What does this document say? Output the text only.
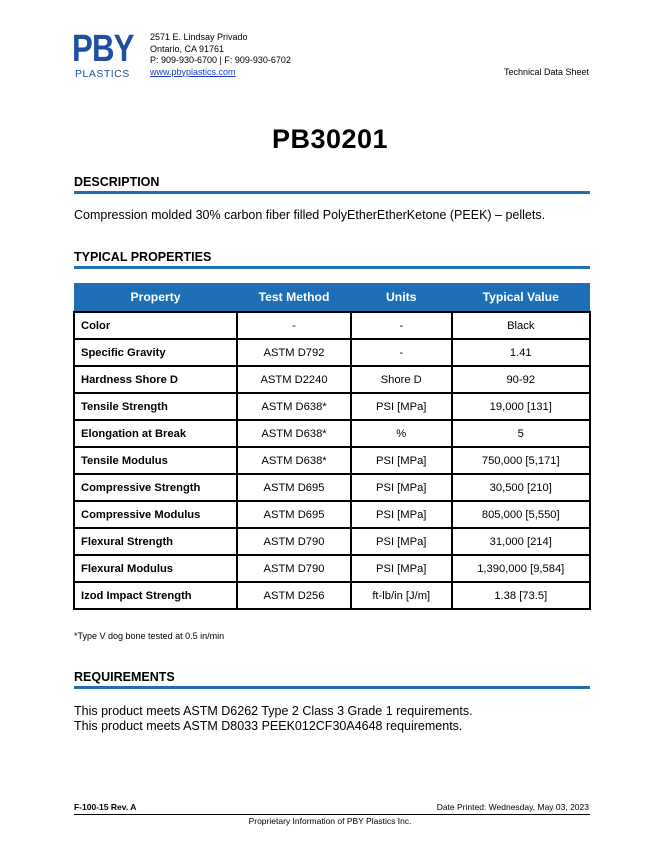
PBY
PLASTICS
2571 E. Lindsay Privado
Ontario, CA 91761
P: 909-930-6700 | F: 909-930-6702
www.pbyplastics.com	Technical Data Sheet
PB30201
DESCRIPTION
Compression molded 30% carbon fiber filled PolyEtherEtherKetone (PEEK) – pellets.
TYPICAL PROPERTIES
Property	Test Method	Units	Typical Value
Color	-	-	Black
Specific Gravity	ASTM D792	-	1.41
Hardness Shore D	ASTM D2240	Shore D	90-92
Tensile Strength	ASTM D638*	PSI [MPa]	19,000 [131]
Elongation at Break	ASTM D638*	%	5
Tensile Modulus	ASTM D638*	PSI [MPa]	750,000 [5,171]
Compressive Strength	ASTM D695	PSI [MPa]	30,500 [210]
Compressive Modulus	ASTM D695	PSI [MPa]	805,000 [5,550]
Flexural Strength	ASTM D790	PSI [MPa]	31,000 [214]
Flexural Modulus	ASTM D790	PSI [MPa]	1,390,000 [9,584]
Izod Impact Strength	ASTM D256	ft-lb/in [J/m]	1.38 [73.5]
*Type V dog bone tested at 0.5 in/min
REQUIREMENTS
This product meets ASTM D6262 Type 2 Class 3 Grade 1 requirements.
This product meets ASTM D8033 PEEK012CF30A4648 requirements.
F-100-15 Rev. A	Date Printed: Wednesday, May 03, 2023
Proprietary Information of PBY Plastics Inc.
